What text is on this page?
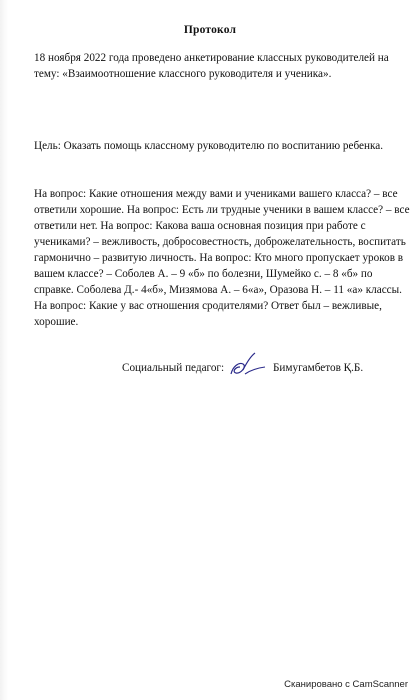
Протокол
18 ноября 2022 года проведено анкетирование классных руководителей на
тему: «Взаимоотношение классного руководителя и ученика».
Цель: Оказать помощь классному руководителю по воспитанию ребенка.
На вопрос: Какие отношения между вами и учениками вашего класса? – все
ответили хорошие. На вопрос: Есть ли трудные ученики в вашем классе? – все
ответили нет. На вопрос: Какова ваша основная позиция при работе с
учениками? – вежливость, добросовестность, доброжелательность, воспитать
гармонично – развитую личность. На вопрос: Кто много пропускает уроков в
вашем классе? – Соболев А. – 9 «б» по болезни, Шумейко с. – 8 «б» по
справке. Соболева Д.- 4«б», Мизямова А. – 6«а», Оразова Н. – 11 «а» классы.
На вопрос: Какие у вас отношения сродителями? Ответ был – вежливые,
хорошие.
Социальный педагог:	Бимугамбетов Қ.Б.
Сканировано с CamScanner
